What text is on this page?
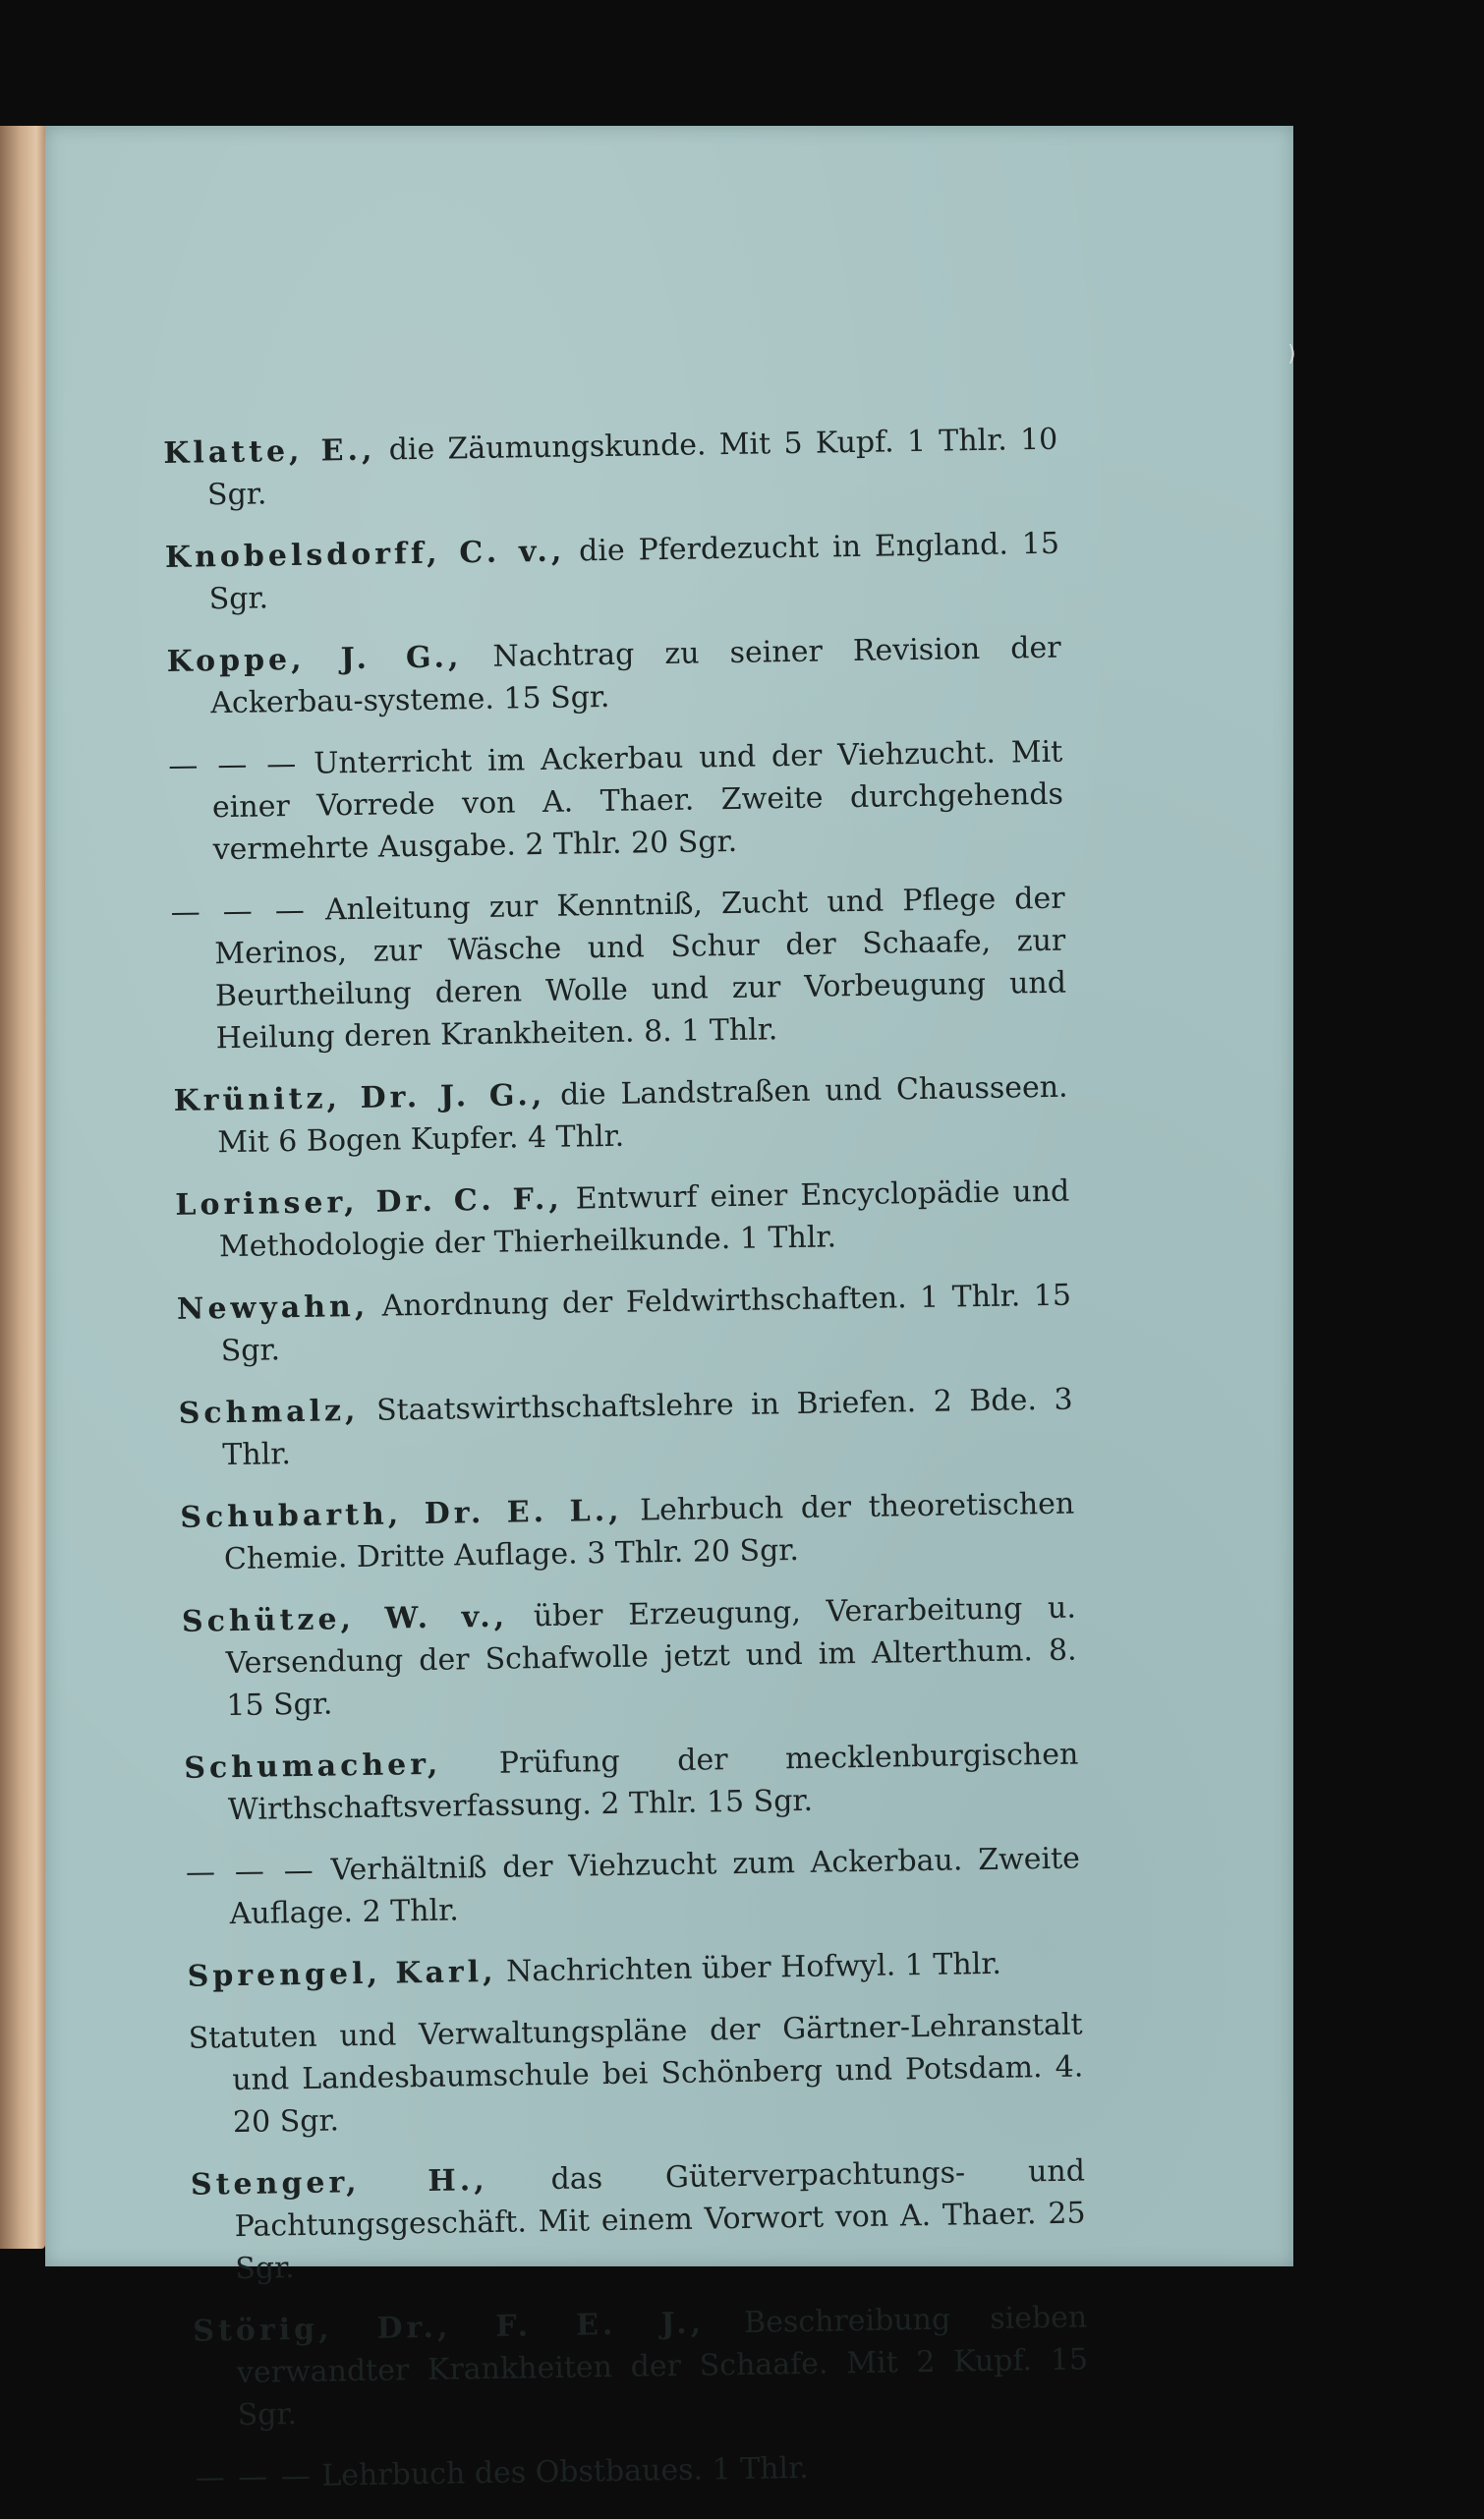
Klatte, E., die Zäumungskunde. Mit 5 Kupf. 1 Thlr. 10 Sgr.

Knobelsdorff, C. v., die Pferdezucht in England. 15 Sgr.

Koppe, J. G., Nachtrag zu seiner Revision der Ackerbau-systeme. 15 Sgr.

— — — Unterricht im Ackerbau und der Viehzucht. Mit einer Vorrede von A. Thaer. Zweite durchgehends vermehrte Ausgabe. 2 Thlr. 20 Sgr.

— — — Anleitung zur Kenntniß, Zucht und Pflege der Merinos, zur Wäsche und Schur der Schaafe, zur Beurtheilung deren Wolle und zur Vorbeugung und Heilung deren Krankheiten. 8. 1 Thlr.

Krünitz, Dr. J. G., die Landstraßen und Chausseen. Mit 6 Bogen Kupfer. 4 Thlr.

Lorinser, Dr. C. F., Entwurf einer Encyclopädie und Methodologie der Thierheilkunde. 1 Thlr.

Newyahn, Anordnung der Feldwirthschaften. 1 Thlr. 15 Sgr.

Schmalz, Staatswirthschaftslehre in Briefen. 2 Bde. 3 Thlr.

Schubarth, Dr. E. L., Lehrbuch der theoretischen Chemie. Dritte Auflage. 3 Thlr. 20 Sgr.

Schütze, W. v., über Erzeugung, Verarbeitung u. Versendung der Schafwolle jetzt und im Alterthum. 8. 15 Sgr.

Schumacher, Prüfung der mecklenburgischen Wirthschaftsverfassung. 2 Thlr. 15 Sgr.

— — — Verhältniß der Viehzucht zum Ackerbau. Zweite Auflage. 2 Thlr.

Sprengel, Karl, Nachrichten über Hofwyl. 1 Thlr.

Statuten und Verwaltungspläne der Gärtner-Lehranstalt und Landesbaumschule bei Schönberg und Potsdam. 4. 20 Sgr.

Stenger, H., das Güterverpachtungs- und Pachtungsgeschäft. Mit einem Vorwort von A. Thaer. 25 Sgr.

Störig, Dr., F. E. J., Beschreibung sieben verwandter Krankheiten der Schaafe. Mit 2 Kupf. 15 Sgr.

— — — Lehrbuch des Obstbaues. 1 Thlr.

)
